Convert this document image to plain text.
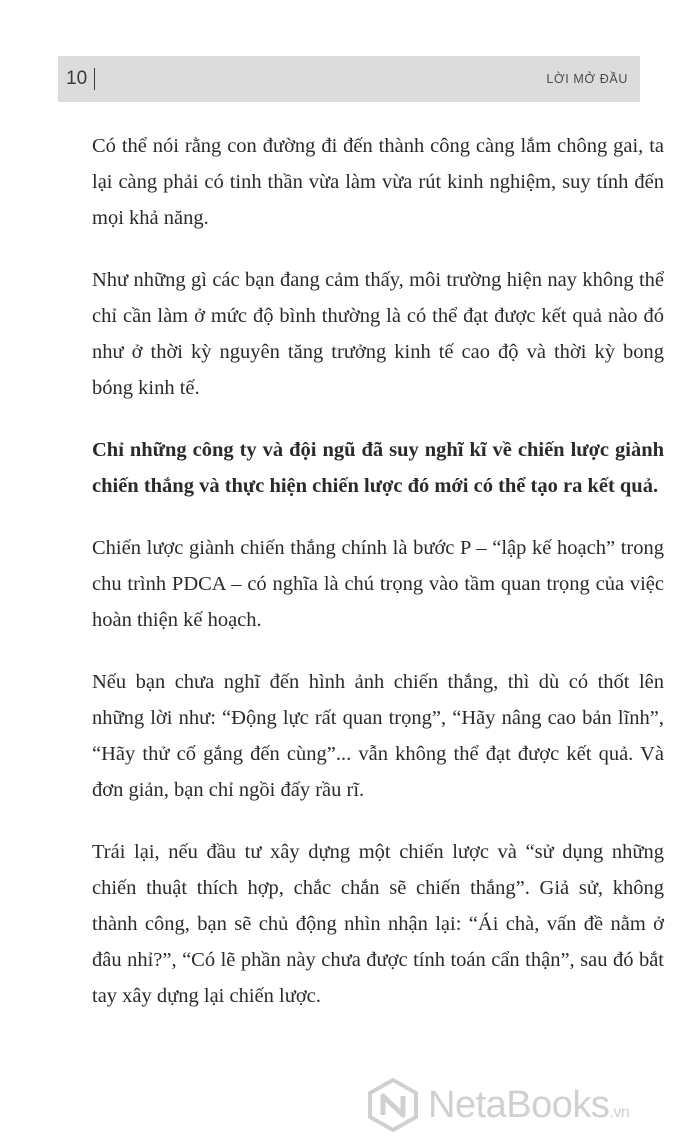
10	LỜI MỞ ĐẦU

Có thể nói rằng con đường đi đến thành công càng lắm chông gai, ta lại càng phải có tinh thần vừa làm vừa rút kinh nghiệm, suy tính đến mọi khả năng.

Như những gì các bạn đang cảm thấy, môi trường hiện nay không thể chỉ cần làm ở mức độ bình thường là có thể đạt được kết quả nào đó như ở thời kỳ nguyên tăng trưởng kinh tế cao độ và thời kỳ bong bóng kinh tế.

Chỉ những công ty và đội ngũ đã suy nghĩ kĩ về chiến lược giành chiến thắng và thực hiện chiến lược đó mới có thể tạo ra kết quả.

Chiến lược giành chiến thắng chính là bước P – “lập kế hoạch” trong chu trình PDCA – có nghĩa là chú trọng vào tầm quan trọng của việc hoàn thiện kế hoạch.

Nếu bạn chưa nghĩ đến hình ảnh chiến thắng, thì dù có thốt lên những lời như: “Động lực rất quan trọng”, “Hãy nâng cao bản lĩnh”, “Hãy thử cố gắng đến cùng”... vẫn không thể đạt được kết quả. Và đơn giản, bạn chỉ ngồi đấy rầu rĩ.

Trái lại, nếu đầu tư xây dựng một chiến lược và “sử dụng những chiến thuật thích hợp, chắc chắn sẽ chiến thắng”. Giả sử, không thành công, bạn sẽ chủ động nhìn nhận lại: “Ái chà, vấn đề nằm ở đâu nhỉ?”, “Có lẽ phần này chưa được tính toán cẩn thận”, sau đó bắt tay xây dựng lại chiến lược.

NetaBooks.vn
